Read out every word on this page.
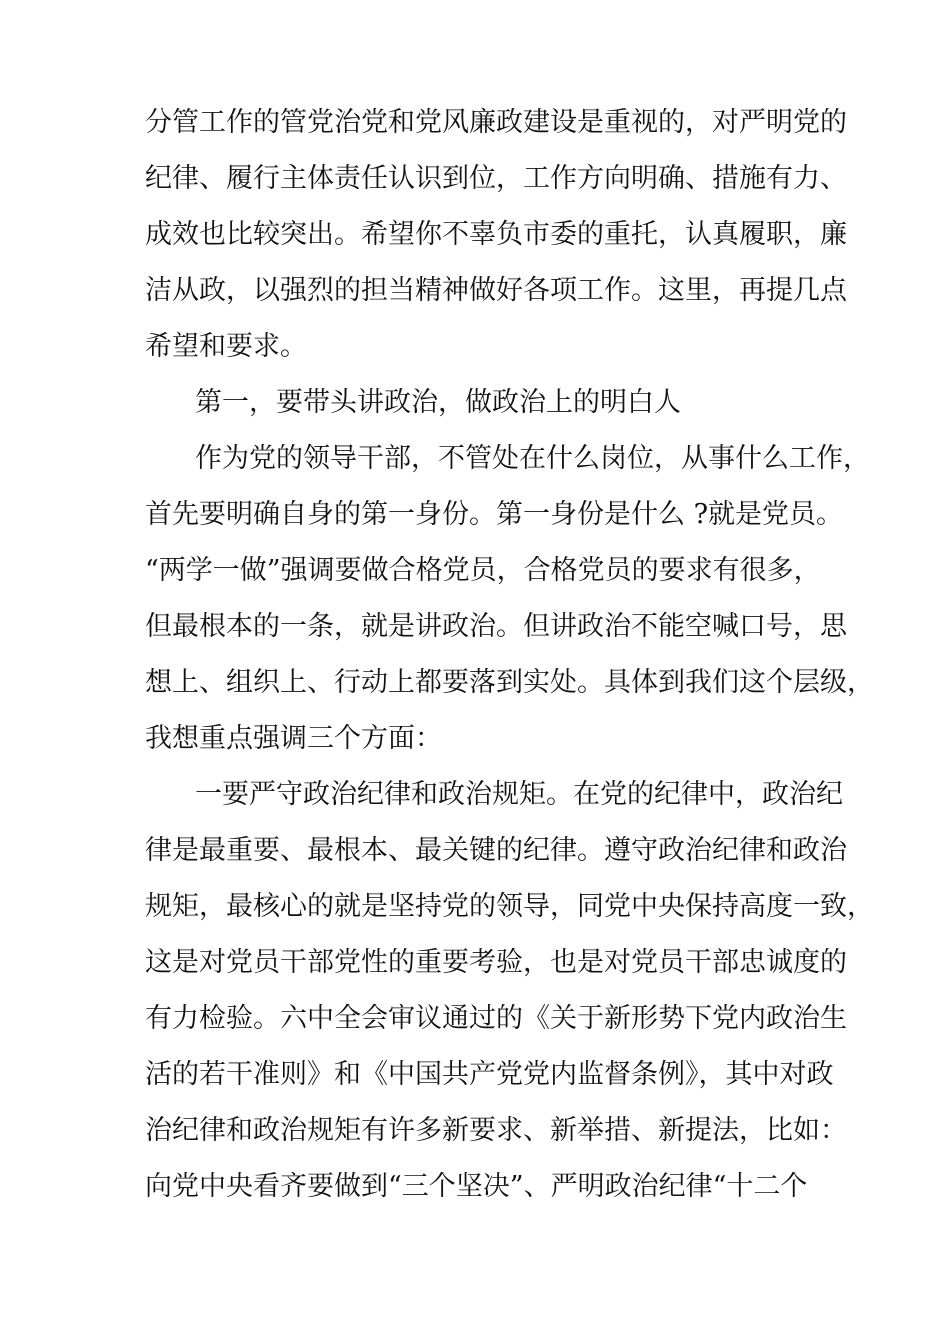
分管工作的管党治党和党风廉政建设是重视的，对严明党的
纪律、履行主体责任认识到位，工作方向明确、措施有力、
成效也比较突出。希望你不辜负市委的重托，认真履职，廉
洁从政，以强烈的担当精神做好各项工作。这里，再提几点
希望和要求。
第一，要带头讲政治，做政治上的明白人
作为党的领导干部，不管处在什么岗位，从事什么工作，
首先要明确自身的第一身份。第一身份是什么 ?就是党员。
“两学一做”强调要做合格党员，合格党员的要求有很多，
但最根本的一条，就是讲政治。但讲政治不能空喊口号，思
想上、组织上、行动上都要落到实处。具体到我们这个层级，
我想重点强调三个方面：
一要严守政治纪律和政治规矩。在党的纪律中，政治纪
律是最重要、最根本、最关键的纪律。遵守政治纪律和政治
规矩，最核心的就是坚持党的领导，同党中央保持高度一致，
这是对党员干部党性的重要考验，也是对党员干部忠诚度的
有力检验。六中全会审议通过的《关于新形势下党内政治生
活的若干准则》和《中国共产党党内监督条例》，其中对政
治纪律和政治规矩有许多新要求、新举措、新提法，比如：
向党中央看齐要做到“三个坚决”、严明政治纪律“十二个
